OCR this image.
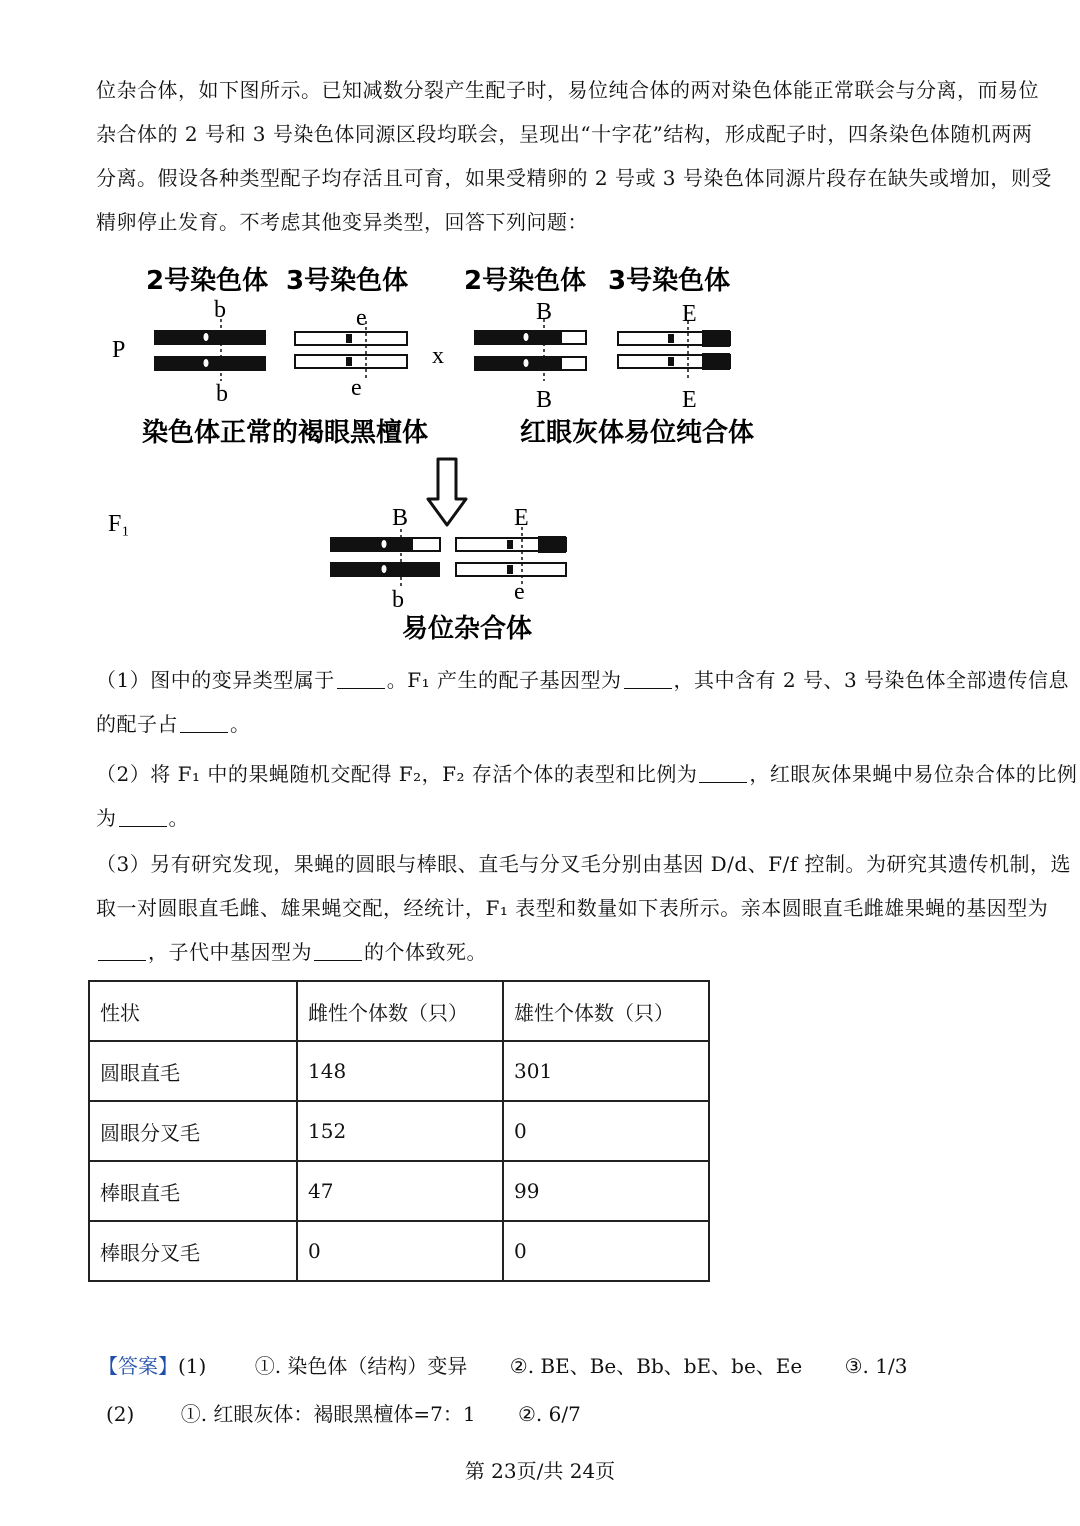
位杂合体，如下图所示。已知减数分裂产生配子时，易位纯合体的两对染色体能正常联会与分离，而易位
杂合体的 2 号和 3 号染色体同源区段均联会，呈现出“十字花”结构，形成配子时，四条染色体随机两两
分离。假设各种类型配子均存活且可育，如果受精卵的 2 号或 3 号染色体同源片段存在缺失或增加，则受
精卵停止发育。不考虑其他变异类型，回答下列问题：
2号染色体 3号染色体 2号染色体 3号染色体
P	x
b
b
e
e
B
B
E
E
染色体正常的褐眼黑檀体	红眼灰体易位纯合体
F₁	B
b
E
e
易位杂合体
（1）图中的变异类型属于	。F₁ 产生的配子基因型为	，其中含有 2 号、3 号染色体全部遗传信息
的配子占	。
（2）将 F₁ 中的果蝇随机交配得 F₂，F₂ 存活个体的表型和比例为	，红眼灰体果蝇中易位杂合体的比例
为	。
（3）另有研究发现，果蝇的圆眼与棒眼、直毛与分叉毛分别由基因 D/d、F/f 控制。为研究其遗传机制，选
取一对圆眼直毛雌、雄果蝇交配，经统计，F₁ 表型和数量如下表所示。亲本圆眼直毛雌雄果蝇的基因型为
，子代中基因型为	的个体致死。
性状	雌性个体数（只）	雄性个体数（只）
圆眼直毛	148	301
圆眼分叉毛	152	0
棒眼直毛	47	99
棒眼分叉毛	0	0
【答案】(1) ①. 染色体（结构）变异 ②. BE、Be、Bb、bE、be、Ee ③. 1/3
(2) ①. 红眼灰体：褐眼黑檀体=7：1 ②. 6/7
第 23页/共 24页
